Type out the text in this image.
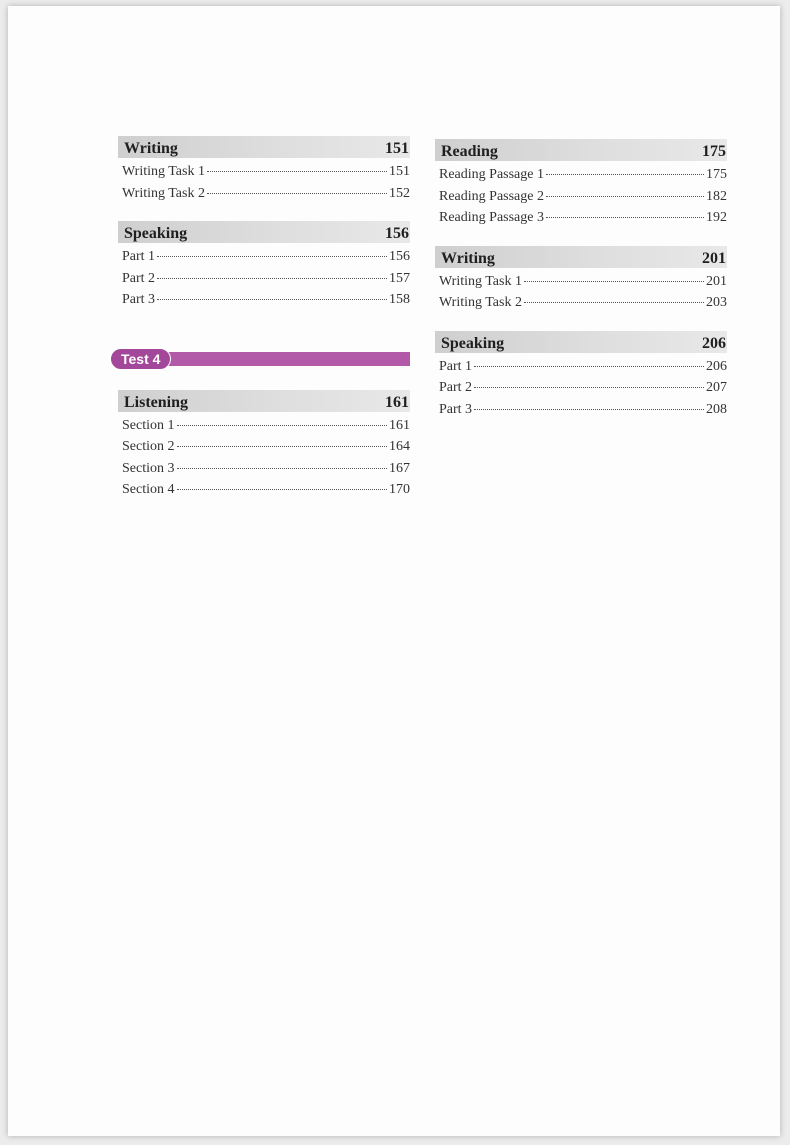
Writing	151
Writing Task 1	151
Writing Task 2	152
Speaking	156
Part 1	156
Part 2	157
Part 3	158
Test 4
Listening	161
Section 1	161
Section 2	164
Section 3	167
Section 4	170
Reading	175
Reading Passage 1	175
Reading Passage 2	182
Reading Passage 3	192
Writing	201
Writing Task 1	201
Writing Task 2	203
Speaking	206
Part 1	206
Part 2	207
Part 3	208
